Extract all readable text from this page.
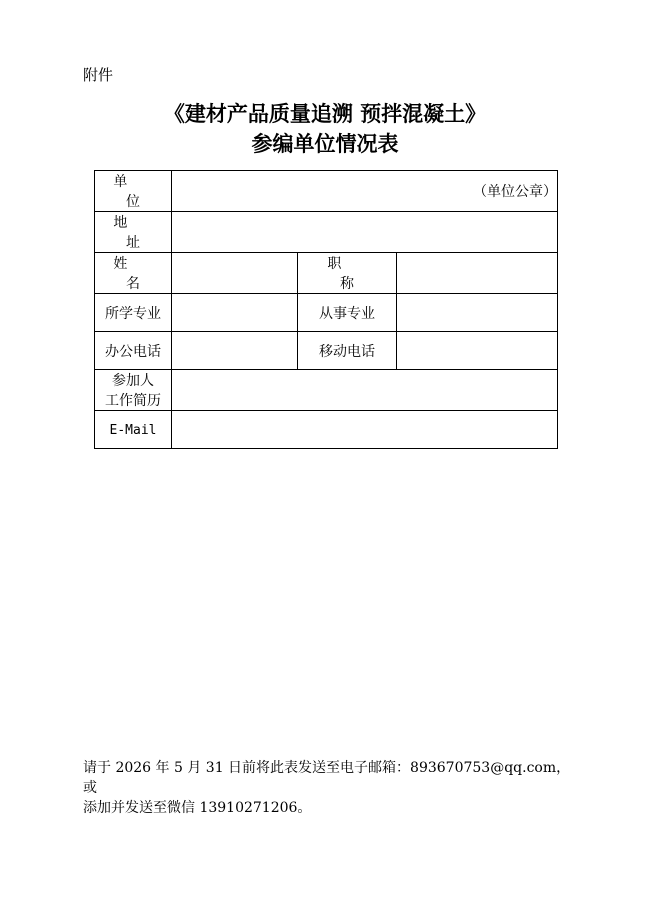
附件
《建材产品质量追溯 预拌混凝土》
参编单位情况表
单 位	（单位公章）		
地 址			
姓 名		职 称	
所学专业		从事专业	
办公电话		移动电话	

参加人
工作简历			

E-Mail			
请于 2026 年 5 月 31 日前将此表发送至电子邮箱：893670753@qq.com，或
添加并发送至微信 13910271206。
